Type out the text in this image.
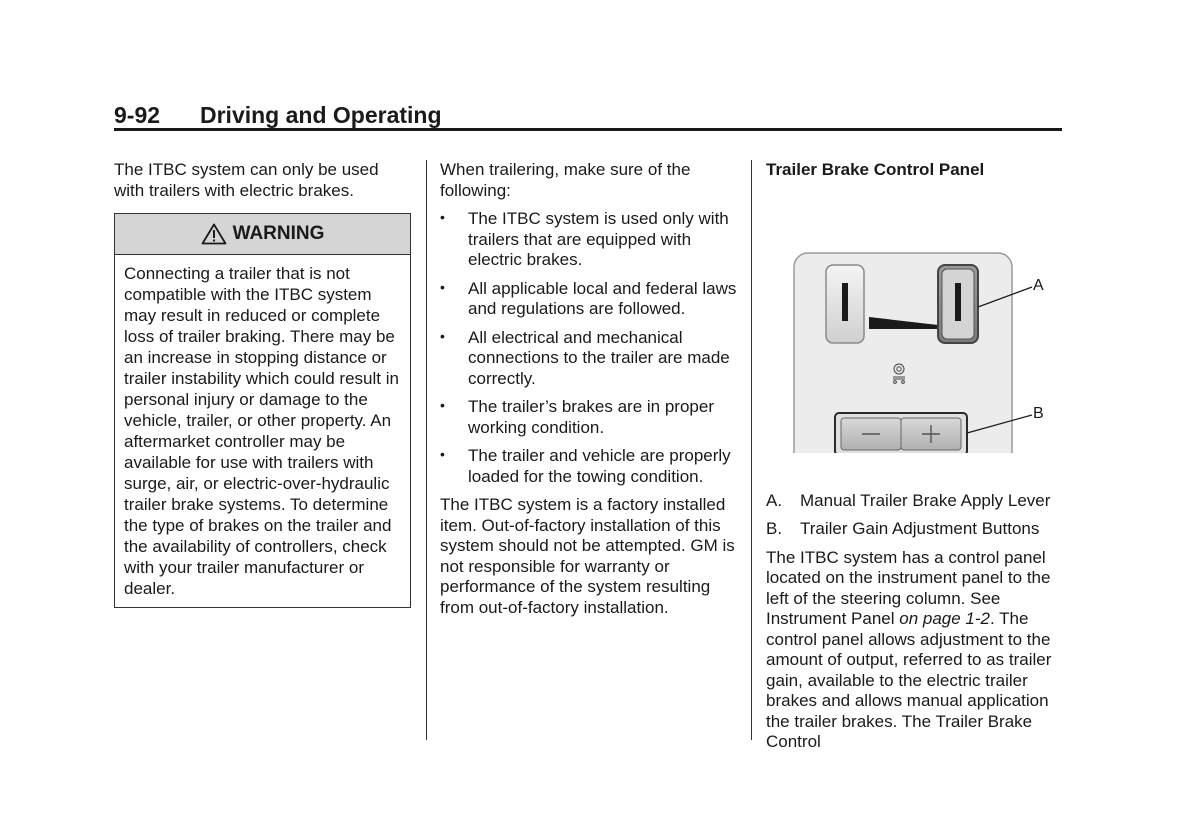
9-92 Driving and Operating

The ITBC system can only be used with trailers with electric brakes.

WARNING
Connecting a trailer that is not compatible with the ITBC system may result in reduced or complete loss of trailer braking. There may be an increase in stopping distance or trailer instability which could result in personal injury or damage to the vehicle, trailer, or other property. An aftermarket controller may be available for use with trailers with surge, air, or electric-over-hydraulic trailer brake systems. To determine the type of brakes on the trailer and the availability of controllers, check with your trailer manufacturer or dealer.

When trailering, make sure of the following:

• The ITBC system is used only with trailers that are equipped with electric brakes.
• All applicable local and federal laws and regulations are followed.
• All electrical and mechanical connections to the trailer are made correctly.
• The trailer’s brakes are in proper working condition.
• The trailer and vehicle are properly loaded for the towing condition.

The ITBC system is a factory installed item. Out-of-factory installation of this system should not be attempted. GM is not responsible for warranty or performance of the system resulting from out-of-factory installation.

Trailer Brake Control Panel
A
B
A. Manual Trailer Brake Apply Lever
B. Trailer Gain Adjustment Buttons

The ITBC system has a control panel located on the instrument panel to the left of the steering column. See Instrument Panel on page 1-2. The control panel allows adjustment to the amount of output, referred to as trailer gain, available to the electric trailer brakes and allows manual application the trailer brakes. The Trailer Brake Control
